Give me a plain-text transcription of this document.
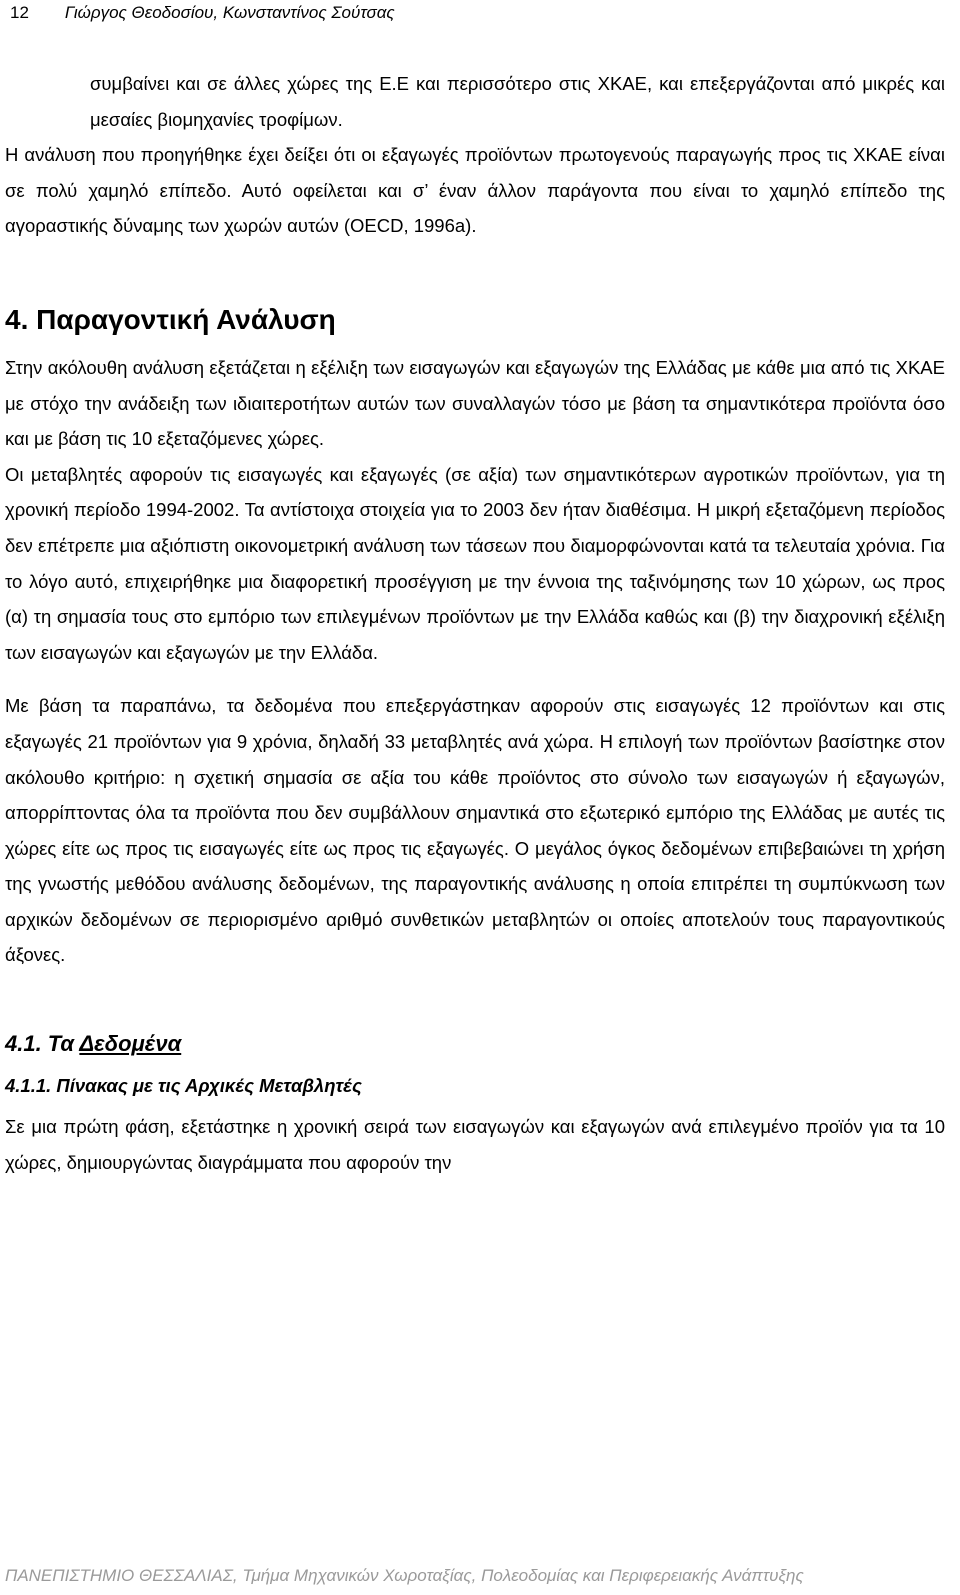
12 Γιώργος Θεοδοσίου, Κωνσταντίνος Σούτσας

συμβαίνει και σε άλλες χώρες της Ε.Ε και περισσότερο στις ΧΚΑΕ, και επεξεργάζονται από μικρές και μεσαίες βιομηχανίες τροφίμων.

Η ανάλυση που προηγήθηκε έχει δείξει ότι οι εξαγωγές προϊόντων πρωτογενούς παραγωγής προς τις ΧΚΑΕ είναι σε πολύ χαμηλό επίπεδο. Αυτό οφείλεται και σ’ έναν άλλον παράγοντα που είναι το χαμηλό επίπεδο της αγοραστικής δύναμης των χωρών αυτών (OECD, 1996a).

4. Παραγοντική Ανάλυση

Στην ακόλουθη ανάλυση εξετάζεται η εξέλιξη των εισαγωγών και εξαγωγών της Ελλάδας με κάθε μια από τις ΧΚΑΕ με στόχο την ανάδειξη των ιδιαιτεροτήτων αυτών των συναλλαγών τόσο με βάση τα σημαντικότερα προϊόντα όσο και με βάση τις 10 εξεταζόμενες χώρες.

Οι μεταβλητές αφορούν τις εισαγωγές και εξαγωγές (σε αξία) των σημαντικότερων αγροτικών προϊόντων, για τη χρονική περίοδο 1994-2002. Τα αντίστοιχα στοιχεία για το 2003 δεν ήταν διαθέσιμα. Η μικρή εξεταζόμενη περίοδος δεν επέτρεπε μια αξιόπιστη οικονομετρική ανάλυση των τάσεων που διαμορφώνονται κατά τα τελευταία χρόνια. Για το λόγο αυτό, επιχειρήθηκε μια διαφορετική προσέγγιση με την έννοια της ταξινόμησης των 10 χώρων, ως προς (α) τη σημασία τους στο εμπόριο των επιλεγμένων προϊόντων με την Ελλάδα καθώς και (β) την διαχρονική εξέλιξη των εισαγωγών και εξαγωγών με την Ελλάδα.

Με βάση τα παραπάνω, τα δεδομένα που επεξεργάστηκαν αφορούν στις εισαγωγές 12 προϊόντων και στις εξαγωγές 21 προϊόντων για 9 χρόνια, δηλαδή 33 μεταβλητές ανά χώρα. Η επιλογή των προϊόντων βασίστηκε στον ακόλουθο κριτήριο: η σχετική σημασία σε αξία του κάθε προϊόντος στο σύνολο των εισαγωγών ή εξαγωγών, απορρίπτοντας όλα τα προϊόντα που δεν συμβάλλουν σημαντικά στο εξωτερικό εμπόριο της Ελλάδας με αυτές τις χώρες είτε ως προς τις εισαγωγές είτε ως προς τις εξαγωγές. Ο μεγάλος όγκος δεδομένων επιβεβαιώνει τη χρήση της γνωστής μεθόδου ανάλυσης δεδομένων, της παραγοντικής ανάλυσης η οποία επιτρέπει τη συμπύκνωση των αρχικών δεδομένων σε περιορισμένο αριθμό συνθετικών μεταβλητών οι οποίες αποτελούν τους παραγοντικούς άξονες.

4.1. Τα Δεδομένα
4.1.1. Πίνακας με τις Αρχικές Μεταβλητές

Σε μια πρώτη φάση, εξετάστηκε η χρονική σειρά των εισαγωγών και εξαγωγών ανά επιλεγμένο προϊόν για τα 10 χώρες, δημιουργώντας διαγράμματα που αφορούν την

ΠΑΝΕΠΙΣΤΗΜΙΟ ΘΕΣΣΑΛΙΑΣ, Τμήμα Μηχανικών Χωροταξίας, Πολεοδομίας και Περιφερειακής Ανάπτυξης
